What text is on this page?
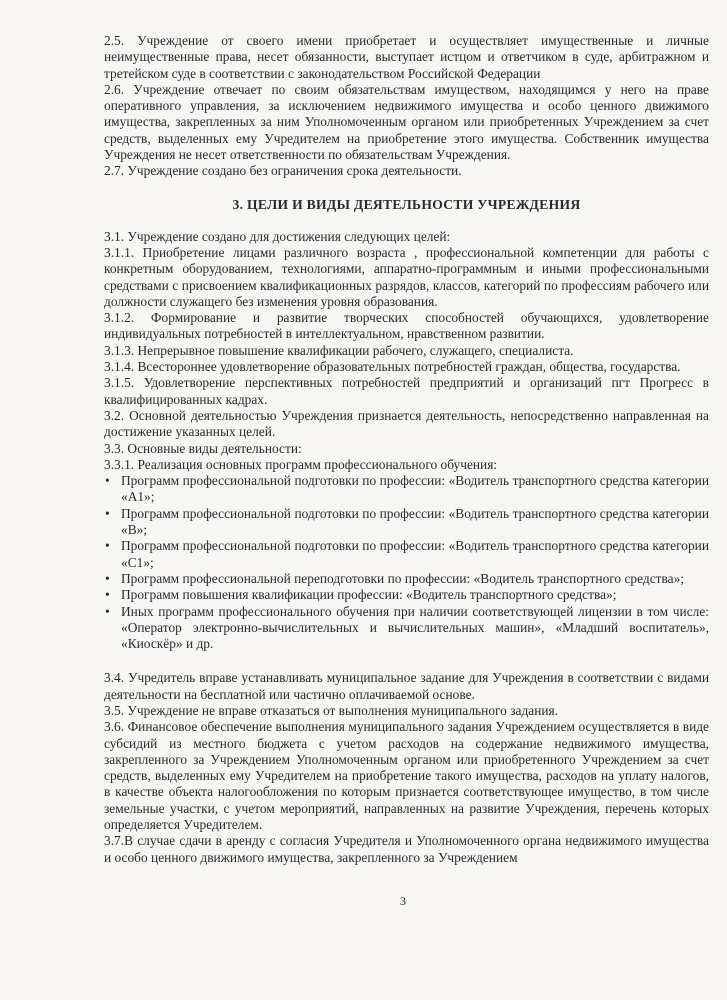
2.5. Учреждение от своего имени приобретает и осуществляет имущественные и личные неимущественные права, несет обязанности, выступает истцом и ответчиком в суде, арбитражном и третейском суде в соответствии с законодательством Российской Федерации

2.6. Учреждение отвечает по своим обязательствам имуществом, находящимся у него на праве оперативного управления, за исключением недвижимого имущества и особо ценного движимого имущества, закрепленных за ним Уполномоченным органом или приобретенных Учреждением за счет средств, выделенных ему Учредителем на приобретение этого имущества. Собственник имущества Учреждения не несет ответственности по обязательствам Учреждения.

2.7. Учреждение создано без ограничения срока деятельности.

3. ЦЕЛИ И ВИДЫ ДЕЯТЕЛЬНОСТИ УЧРЕЖДЕНИЯ

3.1. Учреждение создано для достижения следующих целей:

3.1.1. Приобретение лицами различного возраста , профессиональной компетенции для работы с конкретным оборудованием, технологиями, аппаратно-программным и иными профессиональными средствами с присвоением квалификационных разрядов, классов, категорий по профессиям рабочего или должности служащего без изменения уровня образования.

3.1.2. Формирование и развитие творческих способностей обучающихся, удовлетворение индивидуальных потребностей в интеллектуальном, нравственном развитии.

3.1.3. Непрерывное повышение квалификации рабочего, служащего, специалиста.

3.1.4. Всестороннее удовлетворение образовательных потребностей граждан, общества, государства.

3.1.5. Удовлетворение перспективных потребностей предприятий и организаций пгт Прогресс в квалифицированных кадрах.

3.2. Основной деятельностью Учреждения признается деятельность, непосредственно направленная на достижение указанных целей.

3.3. Основные виды деятельности:

3.3.1. Реализация основных программ профессионального обучения:

• Программ профессиональной подготовки по профессии: «Водитель транспортного средства категории «А1»;
• Программ профессиональной подготовки по профессии: «Водитель транспортного средства категории «В»;
• Программ профессиональной подготовки по профессии: «Водитель транспортного средства категории «С1»;
• Программ профессиональной переподготовки по профессии: «Водитель транспортного средства»;
• Программ повышения квалификации профессии: «Водитель транспортного средства»;
• Иных программ профессионального обучения при наличии соответствующей лицензии в том числе: «Оператор электронно-вычислительных и вычислительных машин», «Младший воспитатель», «Киоскёр» и др.

3.4. Учредитель вправе устанавливать муниципальное задание для Учреждения в соответствии с видами деятельности на бесплатной или частично оплачиваемой основе.

3.5. Учреждение не вправе отказаться от выполнения муниципального задания.

3.6. Финансовое обеспечение выполнения муниципального задания Учреждением осуществляется в виде субсидий из местного бюджета с учетом расходов на содержание недвижимого имущества, закрепленного за Учреждением Уполномоченным органом или приобретенного Учреждением за счет средств, выделенных ему Учредителем на приобретение такого имущества, расходов на уплату налогов, в качестве объекта налогообложения по которым признается соответствующее имущество, в том числе земельные участки, с учетом мероприятий, направленных на развитие Учреждения, перечень которых определяется Учредителем.

3.7.В случае сдачи в аренду с согласия Учредителя и Уполномоченного органа недвижимого имущества и особо ценного движимого имущества, закрепленного за Учреждением

3
